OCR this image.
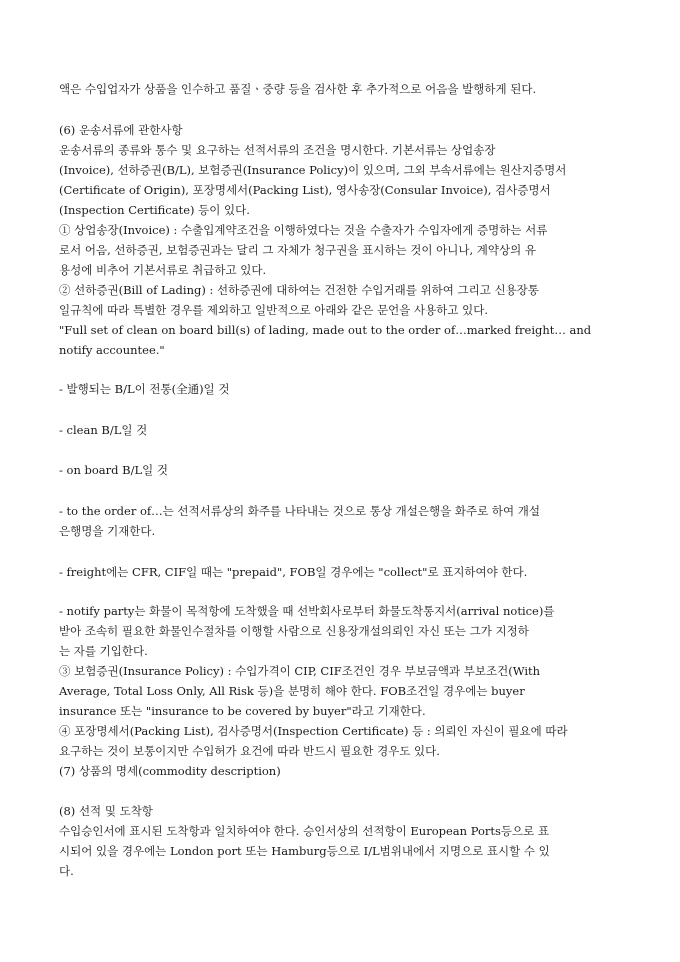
액은 수입업자가 상품을 인수하고 품질ㆍ중량 등을 검사한 후 추가적으로 어음을 발행하게 된다.

(6) 운송서류에 관한사항

운송서류의 종류와 통수 및 요구하는 선적서류의 조건을 명시한다. 기본서류는 상업송장
(Invoice), 선하증권(B/L), 보험증권(Insurance Policy)이 있으며, 그외 부속서류에는 원산지증명서
(Certificate of Origin), 포장명세서(Packing List), 영사송장(Consular Invoice), 검사증명서
(Inspection Certificate) 등이 있다.
① 상업송장(Invoice) : 수출입계약조건을 이행하였다는 것을 수출자가 수입자에게 증명하는 서류
로서 어음, 선하증권, 보험증권과는 달리 그 자체가 청구권을 표시하는 것이 아니나, 계약상의 유
용성에 비추어 기본서류로 취급하고 있다.
② 선하증권(Bill of Lading) : 선하증권에 대하여는 건전한 수입거래를 위하여 그리고 신용장통
일규칙에 따라 특별한 경우를 제외하고 일반적으로 아래와 같은 문언을 사용하고 있다.
"Full set of clean on board bill(s) of lading, made out to the order of…marked freight… and
notify accountee."

- 발행되는 B/L이 전통(全通)일 것

- clean B/L일 것

- on board B/L일 것

- to the order of…는 선적서류상의 화주를 나타내는 것으로 통상 개설은행을 화주로 하여 개설
은행명을 기재한다.

- freight에는 CFR, CIF일 때는 "prepaid", FOB일 경우에는 "collect"로 표지하여야 한다.

- notify party는 화물이 목적항에 도착했을 때 선박회사로부터 화물도착통지서(arrival notice)를
받아 조속히 필요한 화물인수절차를 이행할 사람으로 신용장개설의뢰인 자신 또는 그가 지정하
는 자를 기입한다.
③ 보험증권(Insurance Policy) : 수입가격이 CIP, CIF조건인 경우 부보금액과 부보조건(With
Average, Total Loss Only, All Risk 등)을 분명히 해야 한다. FOB조건일 경우에는 buyer
insurance 또는 "insurance to be covered by buyer"라고 기재한다.
④ 포장명세서(Packing List), 검사증명서(Inspection Certificate) 등 : 의뢰인 자신이 필요에 따라
요구하는 것이 보통이지만 수입허가 요건에 따라 반드시 필요한 경우도 있다.
(7) 상품의 명세(commodity description)

(8) 선적 및 도착항
수입승인서에 표시된 도착항과 일치하여야 한다. 승인서상의 선적항이 European Ports등으로 표
시되어 있을 경우에는 London port 또는 Hamburg등으로 I/L범위내에서 지명으로 표시할 수 있
다.
